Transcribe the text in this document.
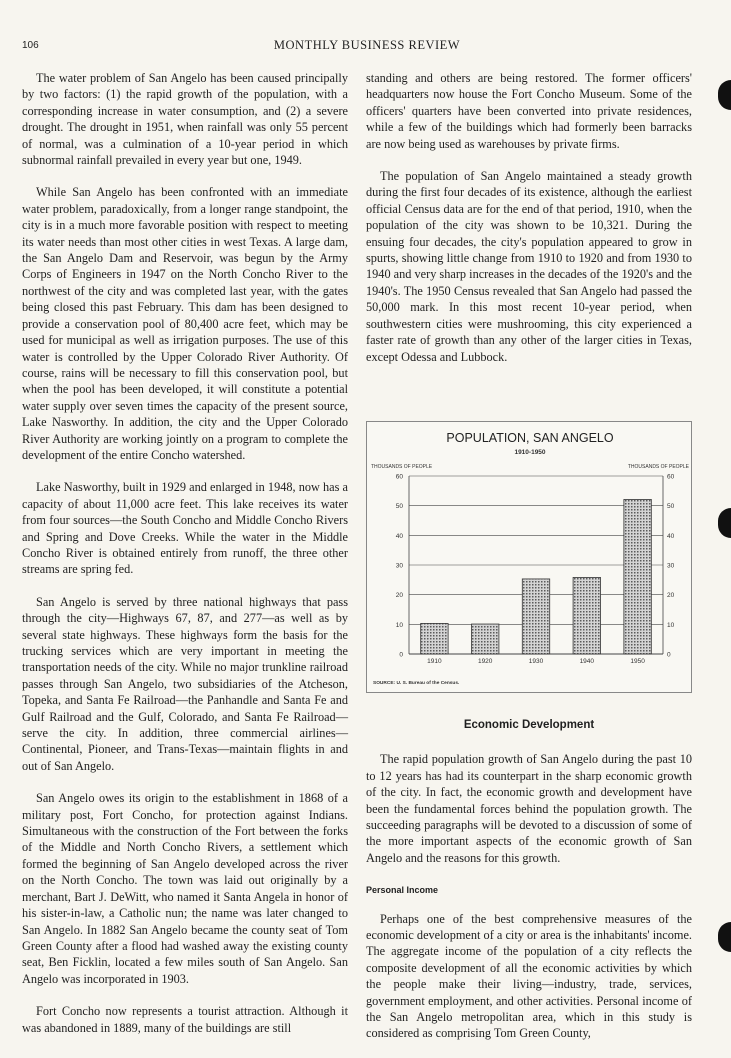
106	MONTHLY BUSINESS REVIEW

The water problem of San Angelo has been caused principally by two factors: (1) the rapid growth of the population, with a corresponding increase in water consumption, and (2) a severe drought. The drought in 1951, when rainfall was only 55 percent of normal, was a culmination of a 10-year period in which subnormal rainfall prevailed in every year but one, 1949.

While San Angelo has been confronted with an immediate water problem, paradoxically, from a longer range standpoint, the city is in a much more favorable position with respect to meeting its water needs than most other cities in west Texas. A large dam, the San Angelo Dam and Reservoir, was begun by the Army Corps of Engineers in 1947 on the North Concho River to the northwest of the city and was completed last year, with the gates being closed this past February. This dam has been designed to provide a conservation pool of 80,400 acre feet, which may be used for municipal as well as irrigation purposes. The use of this water is controlled by the Upper Colorado River Authority. Of course, rains will be necessary to fill this conservation pool, but when the pool has been developed, it will constitute a potential water supply over seven times the capacity of the present source, Lake Nasworthy. In addition, the city and the Upper Colorado River Authority are working jointly on a program to complete the development of the entire Concho watershed.

Lake Nasworthy, built in 1929 and enlarged in 1948, now has a capacity of about 11,000 acre feet. This lake receives its water from four sources—the South Concho and Middle Concho Rivers and Spring and Dove Creeks. While the water in the Middle Concho River is obtained entirely from runoff, the three other streams are spring fed.

San Angelo is served by three national highways that pass through the city—Highways 67, 87, and 277—as well as by several state highways. These highways form the basis for the trucking services which are very important in meeting the transportation needs of the city. While no major trunkline railroad passes through San Angelo, two subsidiaries of the Atcheson, Topeka, and Santa Fe Railroad—the Panhandle and Santa Fe and Gulf Railroad and the Gulf, Colorado, and Santa Fe Railroad—serve the city. In addition, three commercial airlines—Continental, Pioneer, and Trans-Texas—maintain flights in and out of San Angelo.

San Angelo owes its origin to the establishment in 1868 of a military post, Fort Concho, for protection against Indians. Simultaneous with the construction of the Fort between the forks of the Middle and North Concho Rivers, a settlement which formed the beginning of San Angelo developed across the river on the North Concho. The town was laid out originally by a merchant, Bart J. DeWitt, who named it Santa Angela in honor of his sister-in-law, a Catholic nun; the name was later changed to San Angelo. In 1882 San Angelo became the county seat of Tom Green County after a flood had washed away the existing county seat, Ben Ficklin, located a few miles south of San Angelo. San Angelo was incorporated in 1903.

Fort Concho now represents a tourist attraction. Although it was abandoned in 1889, many of the buildings are still

standing and others are being restored. The former officers' headquarters now house the Fort Concho Museum. Some of the officers' quarters have been converted into private residences, while a few of the buildings which had formerly been barracks are now being used as warehouses by private firms.

The population of San Angelo maintained a steady growth during the first four decades of its existence, although the earliest official Census data are for the end of that period, 1910, when the population of the city was shown to be 10,321. During the ensuing four decades, the city's population appeared to grow in spurts, showing little change from 1910 to 1920 and from 1930 to 1940 and very sharp increases in the decades of the 1920's and the 1940's. The 1950 Census revealed that San Angelo had passed the 50,000 mark. In this most recent 10-year period, when southwestern cities were mushrooming, this city experienced a faster rate of growth than any other of the larger cities in Texas, except Odessa and Lubbock.

POPULATION, SAN ANGELO
1910-1950
THOUSANDS OF PEOPLE	THOUSANDS OF PEOPLE
0	0
10	10
20	20
30	30
40	40
50	50
60	60
1910	1920	1930	1940	1950
SOURCE: U. S. Bureau of the Census.
Economic Development

The rapid population growth of San Angelo during the past 10 to 12 years has had its counterpart in the sharp economic growth of the city. In fact, the economic growth and development have been the fundamental forces behind the population growth. The succeeding paragraphs will be devoted to a discussion of some of the more important aspects of the economic growth of San Angelo and the reasons for this growth.

Personal Income

Perhaps one of the best comprehensive measures of the economic development of a city or area is the inhabitants' income. The aggregate income of the population of a city reflects the composite development of all the economic activities by which the people make their living—industry, trade, services, government employment, and other activities. Personal income of the San Angelo metropolitan area, which in this study is considered as comprising Tom Green County,
